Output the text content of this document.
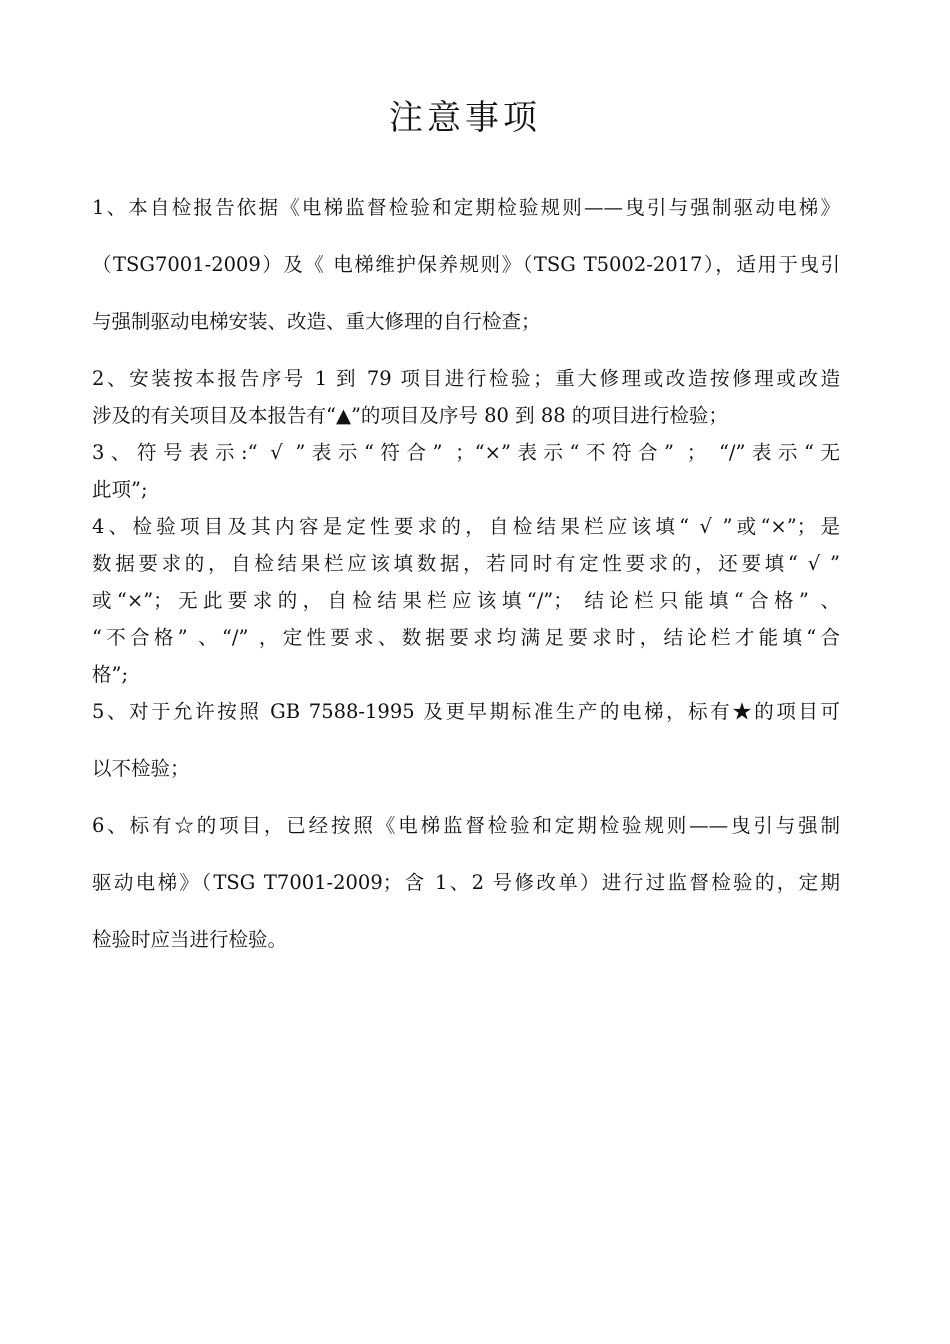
注意事项
1、本自检报告依据《电梯监督检验和定期检验规则——曳引与强制驱动电梯》
（TSG7001-2009）及《 电梯维护保养规则》（TSG T5002-2017），适用于曳引
与强制驱动电梯安装、改造、重大修理的自行检查；
2、安装按本报告序号 1 到 79 项目进行检验；重大修理或改造按修理或改造
涉及的有关项目及本报告有“▲”的项目及序号 80 到 88 的项目进行检验；
3、符号表示:“ √ ”表示“符合” ；“×”表示“不符合” ； “/”表示“无
此项”;
4、检验项目及其内容是定性要求的，自检结果栏应该填“ √ ”或“×”；是
数据要求的，自检结果栏应该填数据，若同时有定性要求的，还要填“ √ ”
或“×”；无此要求的，自检结果栏应该填“/”； 结论栏只能填“合格” 、
“不合格” 、“/” ，定性要求、数据要求均满足要求时，结论栏才能填“合
格”;
5、对于允许按照 GB 7588-1995 及更早期标准生产的电梯，标有★的项目可
以不检验；
6、标有☆的项目，已经按照《电梯监督检验和定期检验规则——曳引与强制
驱动电梯》（TSG T7001-2009；含 1、2 号修改单）进行过监督检验的，定期
检验时应当进行检验。
